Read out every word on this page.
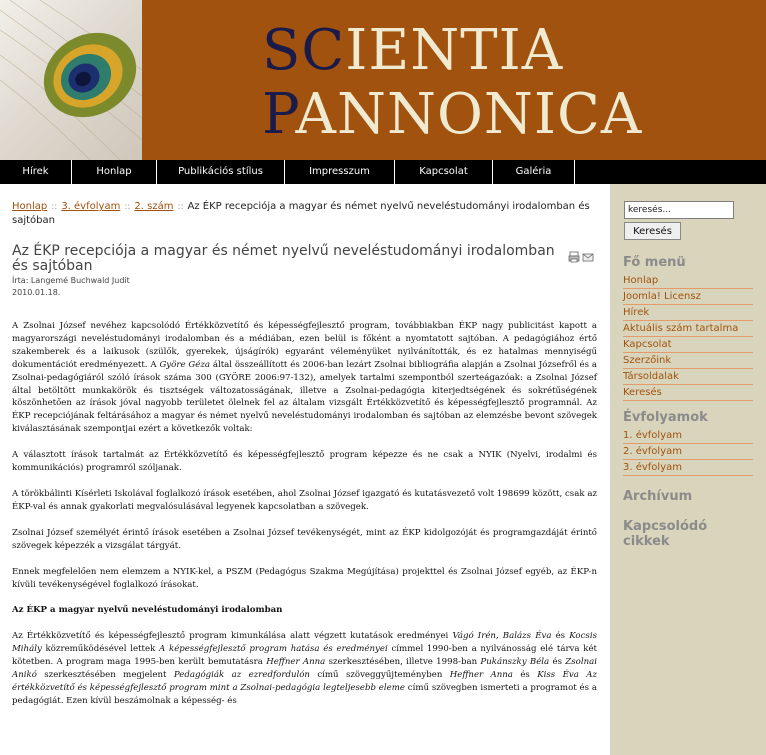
SCIENTIA
PANNONICA
Hírek	Honlap	Publikációs stílus	Impresszum	Kapcsolat	Galéria
Honlap :: 3. évfolyam :: 2. szám :: Az ÉKP recepciója a magyar és német nyelvű neveléstudományi irodalomban és sajtóban
Az ÉKP recepciója a magyar és német nyelvű neveléstudományi irodalomban és sajtóban
Írta: Langemé Buchwald Judit
2010.01.18.

A Zsolnai József nevéhez kapcsolódó Értékközvetítő és képességfejlesztő program, továbbiakban ÉKP nagy publicitást kapott a magyarországi neveléstudományi irodalomban és a médiában, ezen belül is főként a nyomtatott sajtóban. A pedagógiához értő szakemberek és a laikusok (szülők, gyerekek, újságírók) egyaránt véleményüket nyilvánították, és ez hatalmas mennyiségű dokumentációt eredményezett. A Györe Géza által összeállított és 2006-ban lezárt Zsolnai bibliográfia alapján a Zsolnai Józsefről és a Zsolnai-pedagógiáról szóló írások száma 300 (GYÖRE 2006:97-132), amelyek tartalmi szempontból szerteágazóak: a Zsolnai József által betöltött munkakörök és tisztségek változatosságának, illetve a Zsolnai-pedagógia kiterjedtségének és sokrétűségének köszönhetően az írások jóval nagyobb területet ölelnek fel az általam vizsgált Értékközvetítő és képességfejlesztő programnál. Az ÉKP recepciójának feltárásához a magyar és német nyelvű neveléstudományi irodalomban és sajtóban az elemzésbe bevont szövegek kiválasztásának szempontjai ezért a következők voltak:

A választott írások tartalmát az Értékközvetítő és képességfejlesztő program képezze és ne csak a NYIK (Nyelvi, irodalmi és kommunikációs) programról szóljanak.

A törökbálinti Kísérleti Iskolával foglalkozó írások esetében, ahol Zsolnai József igazgató és kutatásvezető volt 198699 között, csak az ÉKP-val és annak gyakorlati megvalósulásával legyenek kapcsolatban a szövegek.

Zsolnai József személyét érintő írások esetében a Zsolnai József tevékenységét, mint az ÉKP kidolgozóját és programgazdáját érintő szövegek képezzék a vizsgálat tárgyát.

Ennek megfelelően nem elemzem a NYIK-kel, a PSZM (Pedagógus Szakma Megújítása) projekttel és Zsolnai József egyéb, az ÉKP-n kívüli tevékenységével foglalkozó írásokat.

Az ÉKP a magyar nyelvű neveléstudományi irodalomban

Az Értékközvetítő és képességfejlesztő program kimunkálása alatt végzett kutatások eredményei Vágó Irén, Balázs Éva és Kocsis Mihály közreműködésével lettek A képességfejlesztő program hatása és eredményei címmel 1990-ben a nyilvánosság elé tárva két kötetben. A program maga 1995-ben került bemutatásra Heffner Anna szerkesztésében, illetve 1998-ban Pukánszky Béla és Zsolnai Anikó szerkesztésében megjelent Pedagógiák az ezredfordulón című szöveggyűjteményben Heffner Anna és Kiss Éva Az értékközvetítő és képességfejlesztő program mint a Zsolnai-pedagógia legteljesebb eleme című szövegben ismerteti a programot és a pedagógiát. Ezen kívül beszámolnak a képesség- és

keresés...
Keresés
Fő menü
Honlap
Joomla! Licensz
Hírek
Aktuális szám tartalma
Kapcsolat
Szerzőink
Társoldalak
Keresés
Évfolyamok
1. évfolyam
2. évfolyam
3. évfolyam
Archívum
Kapcsolódó cikkek
